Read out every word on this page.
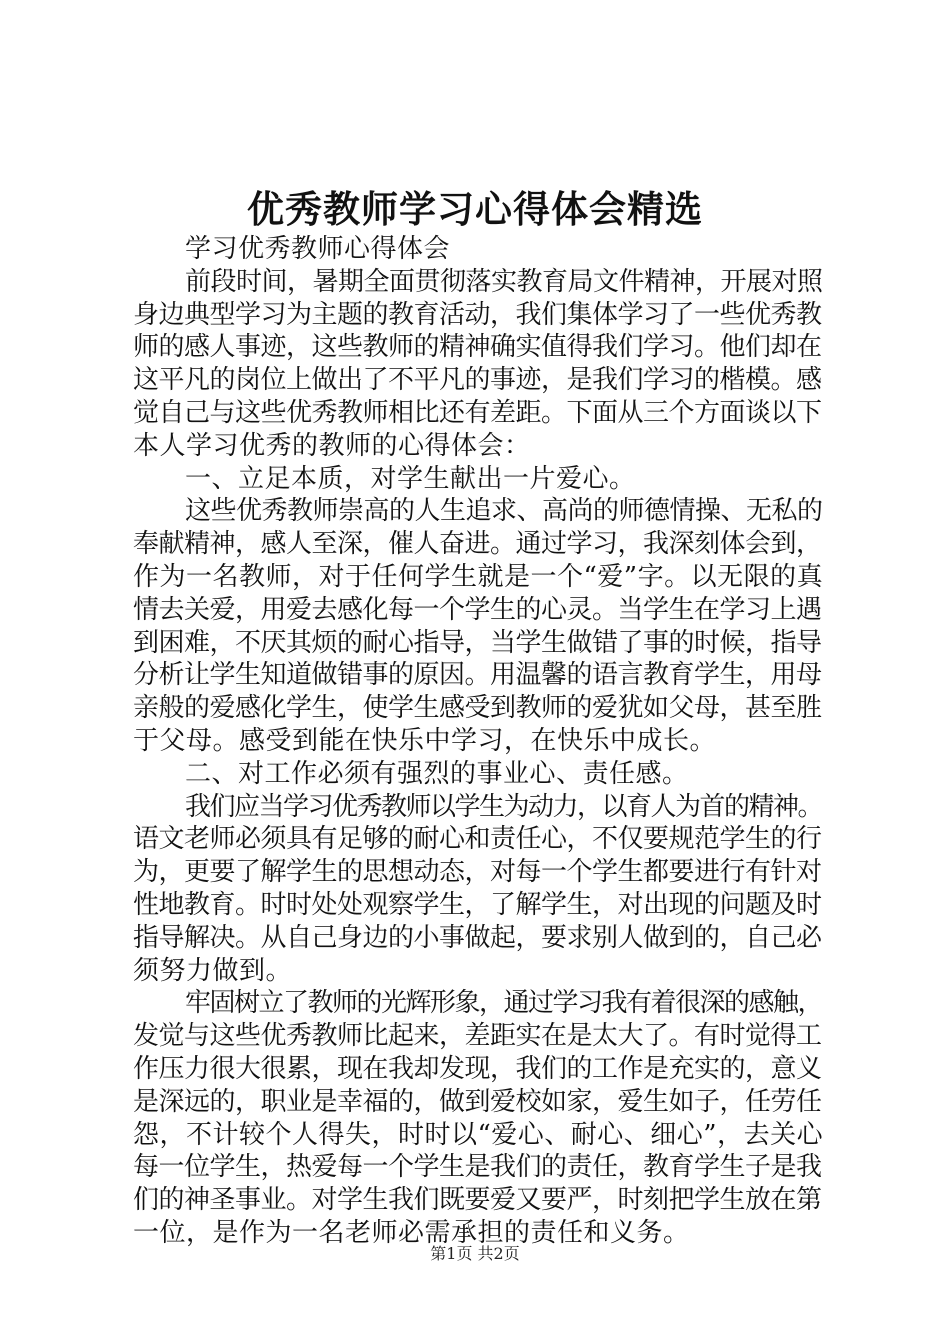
优秀教师学习心得体会精选

学习优秀教师心得体会

前段时间，暑期全面贯彻落实教育局文件精神，开展对照

身边典型学习为主题的教育活动，我们集体学习了一些优秀教

师的感人事迹，这些教师的精神确实值得我们学习。他们却在

这平凡的岗位上做出了不平凡的事迹，是我们学习的楷模。感

觉自己与这些优秀教师相比还有差距。下面从三个方面谈以下

本人学习优秀的教师的心得体会：

一、立足本质，对学生献出一片爱心。

这些优秀教师崇高的人生追求、高尚的师德情操、无私的

奉献精神，感人至深，催人奋进。通过学习，我深刻体会到，

作为一名教师，对于任何学生就是一个“爱”字。以无限的真

情去关爱，用爱去感化每一个学生的心灵。当学生在学习上遇

到困难，不厌其烦的耐心指导，当学生做错了事的时候，指导

分析让学生知道做错事的原因。用温馨的语言教育学生，用母

亲般的爱感化学生，使学生感受到教师的爱犹如父母，甚至胜

于父母。感受到能在快乐中学习，在快乐中成长。

二、对工作必须有强烈的事业心、责任感。

我们应当学习优秀教师以学生为动力，以育人为首的精神。

语文老师必须具有足够的耐心和责任心，不仅要规范学生的行

为，更要了解学生的思想动态，对每一个学生都要进行有针对

性地教育。时时处处观察学生，了解学生，对出现的问题及时

指导解决。从自己身边的小事做起，要求别人做到的，自己必

须努力做到。

牢固树立了教师的光辉形象，通过学习我有着很深的感触，

发觉与这些优秀教师比起来，差距实在是太大了。有时觉得工

作压力很大很累，现在我却发现，我们的工作是充实的，意义

是深远的，职业是幸福的，做到爱校如家，爱生如子，任劳任

怨，不计较个人得失，时时以“爱心、耐心、细心”，去关心

每一位学生，热爱每一个学生是我们的责任，教育学生子是我

们的神圣事业。对学生我们既要爱又要严，时刻把学生放在第

一位，是作为一名老师必需承担的责任和义务。

第1页 共2页
